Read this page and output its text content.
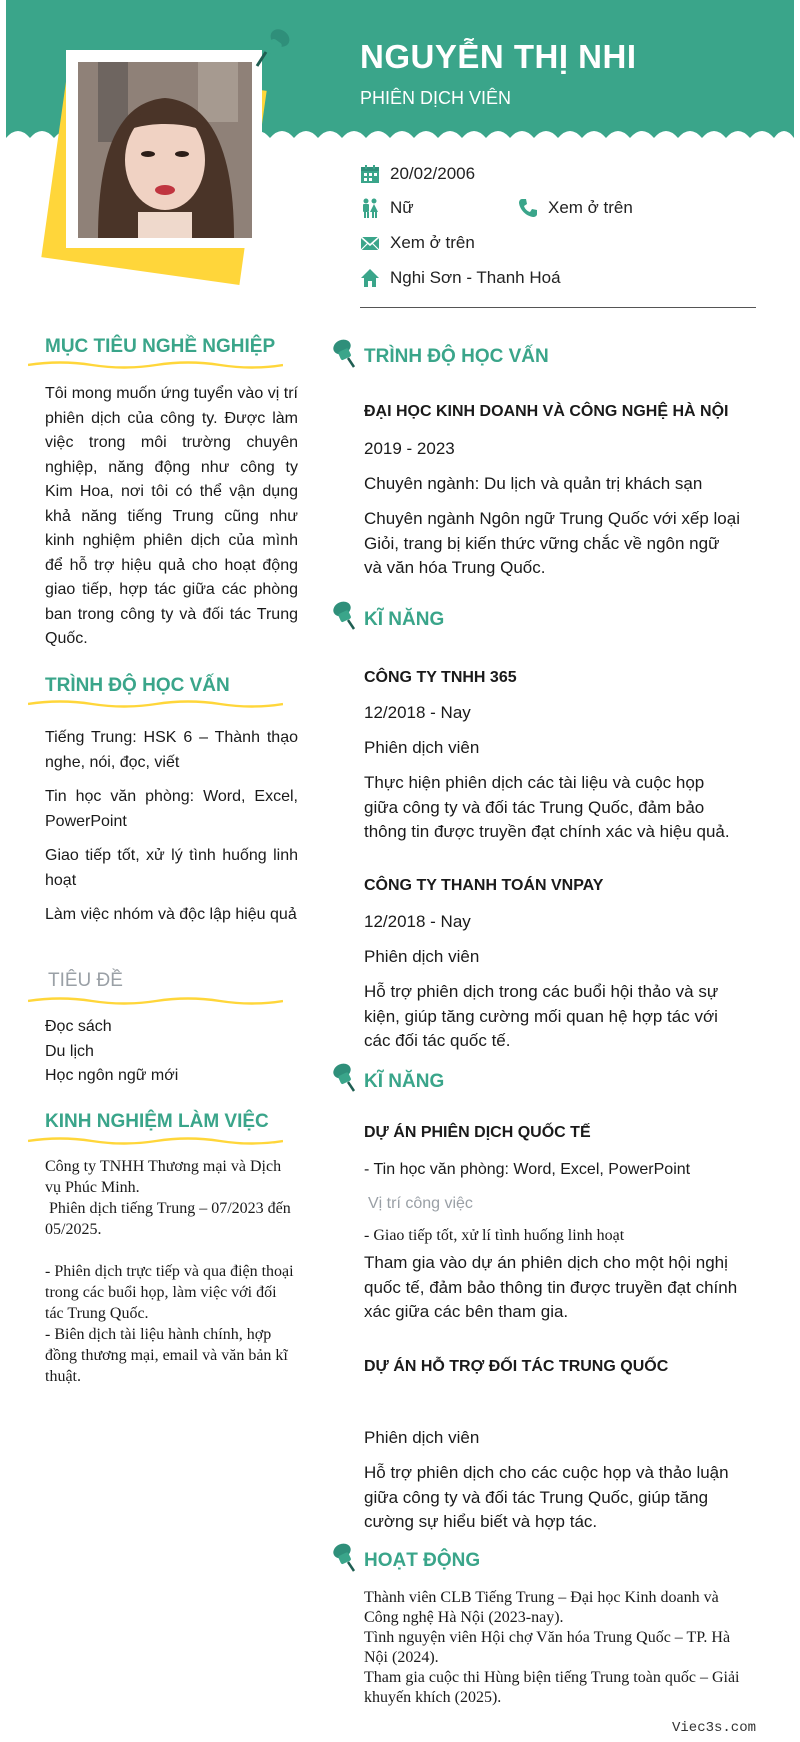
NGUYỄN THỊ NHI
PHIÊN DỊCH VIÊN
20/02/2006
Nữ	Xem ở trên
Xem ở trên
Nghi Sơn - Thanh Hoá
MỤC TIÊU NGHỀ NGHIỆP
Tôi mong muốn ứng tuyển vào vị trí phiên dịch của công ty. Được làm việc trong môi trường chuyên nghiệp, năng động như công ty Kim Hoa, nơi tôi có thể vận dụng khả năng tiếng Trung cũng như kinh nghiệm phiên dịch của mình để hỗ trợ hiệu quả cho hoạt động giao tiếp, hợp tác giữa các phòng ban trong công ty và đối tác Trung Quốc.
TRÌNH ĐỘ HỌC VẤN

Tiếng Trung: HSK 6 – Thành thạo nghe, nói, đọc, viết

Tin học văn phòng: Word, Excel, PowerPoint

Giao tiếp tốt, xử lý tình huống linh hoạt

Làm việc nhóm và độc lập hiệu quả

TIÊU ĐỀ
Đọc sách
Du lịch
Học ngôn ngữ mới
KINH NGHIỆM LÀM VIỆC
Công ty TNHH Thương mại và Dịch vụ Phúc Minh.
Phiên dịch tiếng Trung – 07/2023 đến 05/2025.
- Phiên dịch trực tiếp và qua điện thoại trong các buổi họp, làm việc với đối tác Trung Quốc.
- Biên dịch tài liệu hành chính, hợp đồng thương mại, email và văn bản kĩ thuật.
TRÌNH ĐỘ HỌC VẤN
ĐẠI HỌC KINH DOANH VÀ CÔNG NGHỆ HÀ NỘI
2019 - 2023
Chuyên ngành: Du lịch và quản trị khách sạn
Chuyên ngành Ngôn ngữ Trung Quốc với xếp loại Giỏi, trang bị kiến thức vững chắc về ngôn ngữ và văn hóa Trung Quốc.
KĨ NĂNG
CÔNG TY TNHH 365
12/2018 - Nay
Phiên dịch viên
Thực hiện phiên dịch các tài liệu và cuộc họp giữa công ty và đối tác Trung Quốc, đảm bảo thông tin được truyền đạt chính xác và hiệu quả.
CÔNG TY THANH TOÁN VNPAY
12/2018 - Nay
Phiên dịch viên
Hỗ trợ phiên dịch trong các buổi hội thảo và sự kiện, giúp tăng cường mối quan hệ hợp tác với các đối tác quốc tế.
KĨ NĂNG
DỰ ÁN PHIÊN DỊCH QUỐC TẾ
- Tin học văn phòng: Word, Excel, PowerPoint
Vị trí công việc
- Giao tiếp tốt, xử lí tình huống linh hoạt
Tham gia vào dự án phiên dịch cho một hội nghị quốc tế, đảm bảo thông tin được truyền đạt chính xác giữa các bên tham gia.
DỰ ÁN HỖ TRỢ ĐỐI TÁC TRUNG QUỐC
Phiên dịch viên
Hỗ trợ phiên dịch cho các cuộc họp và thảo luận giữa công ty và đối tác Trung Quốc, giúp tăng cường sự hiểu biết và hợp tác.
HOẠT ĐỘNG
Thành viên CLB Tiếng Trung – Đại học Kinh doanh và Công nghệ Hà Nội (2023-nay).
Tình nguyện viên Hội chợ Văn hóa Trung Quốc – TP. Hà Nội (2024).
Tham gia cuộc thi Hùng biện tiếng Trung toàn quốc – Giải khuyến khích (2025).
Viec3s.com
